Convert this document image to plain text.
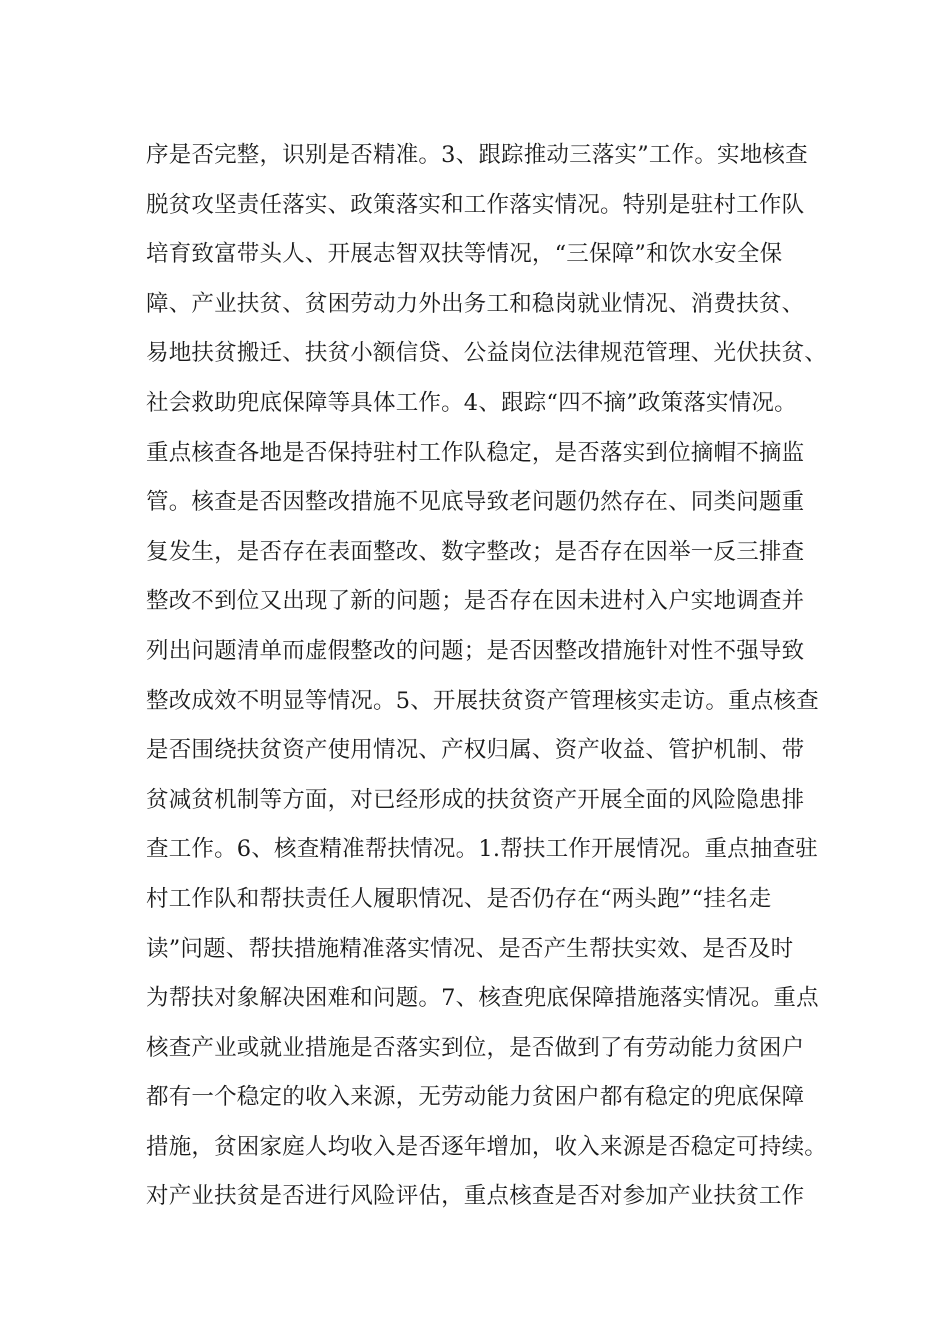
序是否完整，识别是否精准。3、跟踪推动三落实”工作。实地核查
脱贫攻坚责任落实、政策落实和工作落实情况。特别是驻村工作队
培育致富带头人、开展志智双扶等情况，“三保障”和饮水安全保
障、产业扶贫、贫困劳动力外出务工和稳岗就业情况、消费扶贫、
易地扶贫搬迁、扶贫小额信贷、公益岗位法律规范管理、光伏扶贫、
社会救助兜底保障等具体工作。4、跟踪“四不摘”政策落实情况。
重点核查各地是否保持驻村工作队稳定，是否落实到位摘帽不摘监
管。核查是否因整改措施不见底导致老问题仍然存在、同类问题重
复发生，是否存在表面整改、数字整改；是否存在因举一反三排查
整改不到位又出现了新的问题；是否存在因未进村入户实地调查并
列出问题清单而虚假整改的问题；是否因整改措施针对性不强导致
整改成效不明显等情况。5、开展扶贫资产管理核实走访。重点核查
是否围绕扶贫资产使用情况、产权归属、资产收益、管护机制、带
贫减贫机制等方面，对已经形成的扶贫资产开展全面的风险隐患排
查工作。6、核查精准帮扶情况。1.帮扶工作开展情况。重点抽查驻
村工作队和帮扶责任人履职情况、是否仍存在“两头跑”“挂名走
读”问题、帮扶措施精准落实情况、是否产生帮扶实效、是否及时
为帮扶对象解决困难和问题。7、核查兜底保障措施落实情况。重点
核查产业或就业措施是否落实到位，是否做到了有劳动能力贫困户
都有一个稳定的收入来源，无劳动能力贫困户都有稳定的兜底保障
措施，贫困家庭人均收入是否逐年增加，收入来源是否稳定可持续。
对产业扶贫是否进行风险评估，重点核查是否对参加产业扶贫工作
